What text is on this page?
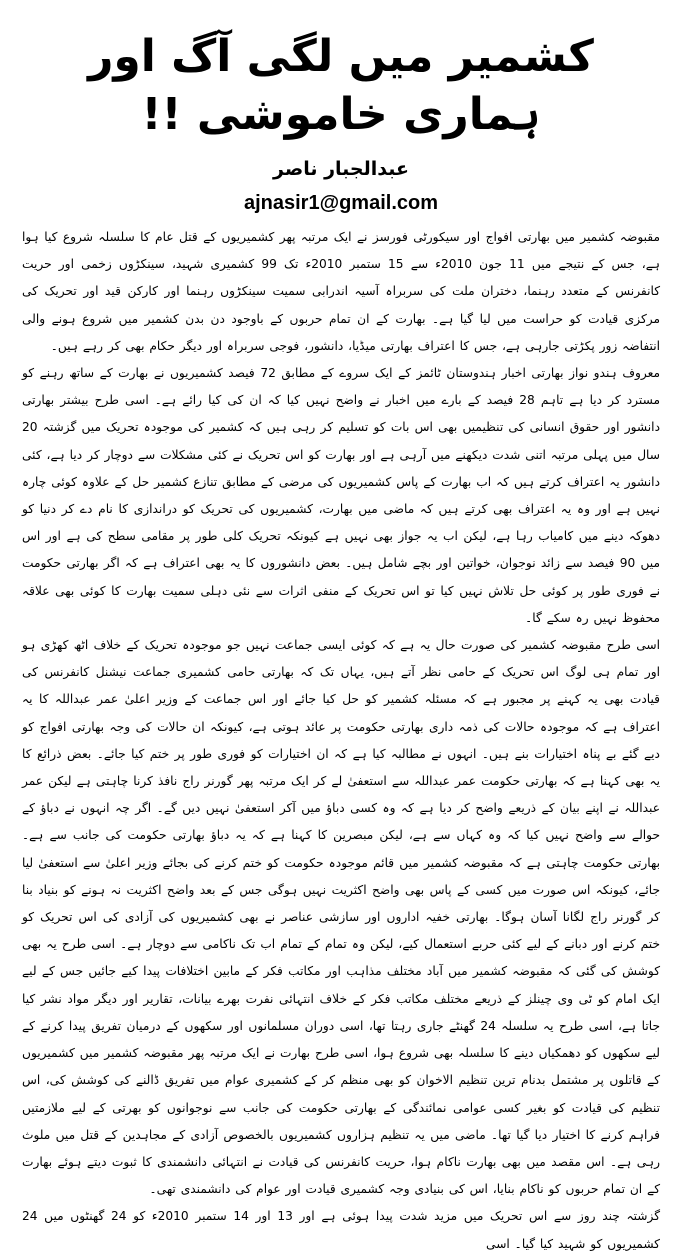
کشمیر میں لگی آگ اور ہماری خاموشی !!
عبدالجبار ناصر
ajnasir1@gmail.com

مقبوضہ کشمیر میں بھارتی افواج اور سیکورٹی فورسز نے ایک مرتبہ پھر کشمیریوں کے قتل عام کا سلسلہ شروع کیا ہوا ہے، جس کے نتیجے میں 11 جون 2010ء سے 15 ستمبر 2010ء تک 99 کشمیری شہید، سینکڑوں زخمی اور حریت کانفرنس کے متعدد رہنما، دختران ملت کی سربراہ آسیہ اندرابی سمیت سینکڑوں رہنما اور کارکن قید اور تحریک کی مرکزی قیادت کو حراست میں لیا گیا ہے۔ بھارت کے ان تمام حربوں کے باوجود دن بدن کشمیر میں شروع ہونے والی انتفاضہ زور پکڑتی جارہی ہے، جس کا اعتراف بھارتی میڈیا، دانشور، فوجی سربراہ اور دیگر حکام بھی کر رہے ہیں۔

معروف ہندو نواز بھارتی اخبار ہندوستان ٹائمز کے ایک سروے کے مطابق 72 فیصد کشمیریوں نے بھارت کے ساتھ رہنے کو مسترد کر دیا ہے تاہم 28 فیصد کے بارے میں اخبار نے واضح نہیں کیا کہ ان کی کیا رائے ہے۔ اسی طرح بیشتر بھارتی دانشور اور حقوق انسانی کی تنظیمیں بھی اس بات کو تسلیم کر رہی ہیں کہ کشمیر کی موجودہ تحریک میں گزشتہ 20 سال میں پہلی مرتبہ اتنی شدت دیکھنے میں آرہی ہے اور بھارت کو اس تحریک نے کئی مشکلات سے دوچار کر دیا ہے، کئی دانشور یہ اعتراف کرتے ہیں کہ اب بھارت کے پاس کشمیریوں کی مرضی کے مطابق تنازع کشمیر حل کے علاوہ کوئی چارہ نہیں ہے اور وہ یہ اعتراف بھی کرتے ہیں کہ ماضی میں بھارت، کشمیریوں کی تحریک کو دراندازی کا نام دے کر دنیا کو دھوکہ دینے میں کامیاب رہا ہے، لیکن اب یہ جواز بھی نہیں ہے کیونکہ تحریک کلی طور پر مقامی سطح کی ہے اور اس میں 90 فیصد سے زائد نوجوان، خواتین اور بچے شامل ہیں۔ بعض دانشوروں کا یہ بھی اعتراف ہے کہ اگر بھارتی حکومت نے فوری طور پر کوئی حل تلاش نہیں کیا تو اس تحریک کے منفی اثرات سے نئی دہلی سمیت بھارت کا کوئی بھی علاقہ محفوظ نہیں رہ سکے گا۔

اسی طرح مقبوضہ کشمیر کی صورت حال یہ ہے کہ کوئی ایسی جماعت نہیں جو موجودہ تحریک کے خلاف اٹھ کھڑی ہو اور تمام ہی لوگ اس تحریک کے حامی نظر آتے ہیں، یہاں تک کہ بھارتی حامی کشمیری جماعت نیشنل کانفرنس کی قیادت بھی یہ کہنے پر مجبور ہے کہ مسئلہ کشمیر کو حل کیا جائے اور اس جماعت کے وزیر اعلیٰ عمر عبداللہ کا یہ اعتراف ہے کہ موجودہ حالات کی ذمہ داری بھارتی حکومت پر عائد ہوتی ہے، کیونکہ ان حالات کی وجہ بھارتی افواج کو دیے گئے بے پناہ اختیارات بنے ہیں۔ انہوں نے مطالبہ کیا ہے کہ ان اختیارات کو فوری طور پر ختم کیا جائے۔ بعض ذرائع کا یہ بھی کہنا ہے کہ بھارتی حکومت عمر عبداللہ سے استعفیٰ لے کر ایک مرتبہ پھر گورنر راج نافذ کرنا چاہتی ہے لیکن عمر عبداللہ نے اپنے بیان کے ذریعے واضح کر دیا ہے کہ وہ کسی دباؤ میں آکر استعفیٰ نہیں دیں گے۔ اگر چہ انہوں نے دباؤ کے حوالے سے واضح نہیں کیا کہ وہ کہاں سے ہے، لیکن مبصرین کا کہنا ہے کہ یہ دباؤ بھارتی حکومت کی جانب سے ہے۔ بھارتی حکومت چاہتی ہے کہ مقبوضہ کشمیر میں قائم موجودہ حکومت کو ختم کرنے کی بجائے وزیر اعلیٰ سے استعفیٰ لیا جائے، کیونکہ اس صورت میں کسی کے پاس بھی واضح اکثریت نہیں ہوگی جس کے بعد واضح اکثریت نہ ہونے کو بنیاد بنا کر گورنر راج لگانا آسان ہوگا۔ بھارتی خفیہ اداروں اور سازشی عناصر نے بھی کشمیریوں کی آزادی کی اس تحریک کو ختم کرنے اور دبانے کے لیے کئی حربے استعمال کیے، لیکن وہ تمام کے تمام اب تک ناکامی سے دوچار ہے۔ اسی طرح یہ بھی کوشش کی گئی کہ مقبوضہ کشمیر میں آباد مختلف مذاہب اور مکاتب فکر کے مابین اختلافات پیدا کیے جائیں جس کے لیے ایک امام کو ٹی وی چینلز کے ذریعے مختلف مکاتب فکر کے خلاف انتہائی نفرت بھرے بیانات، تقاریر اور دیگر مواد نشر کیا جاتا ہے، اسی طرح یہ سلسلہ 24 گھنٹے جاری رہتا تھا، اسی دوران مسلمانوں اور سکھوں کے درمیان تفریق پیدا کرنے کے لیے سکھوں کو دھمکیاں دینے کا سلسلہ بھی شروع ہوا، اسی طرح بھارت نے ایک مرتبہ پھر مقبوضہ کشمیر میں کشمیریوں کے قاتلوں پر مشتمل بدنام ترین تنظیم الاخوان کو بھی منظم کر کے کشمیری عوام میں تفریق ڈالنے کی کوشش کی، اس تنظیم کی قیادت کو بغیر کسی عوامی نمائندگی کے بھارتی حکومت کی جانب سے نوجوانوں کو بھرتی کے لیے ملازمتیں فراہم کرنے کا اختیار دیا گیا تھا۔ ماضی میں یہ تنظیم ہزاروں کشمیریوں بالخصوص آزادی کے مجاہدین کے قتل میں ملوث رہی ہے۔ اس مقصد میں بھی بھارت ناکام ہوا، حریت کانفرنس کی قیادت نے انتہائی دانشمندی کا ثبوت دیتے ہوئے بھارت کے ان تمام حربوں کو ناکام بنایا، اس کی بنیادی وجہ کشمیری قیادت اور عوام کی دانشمندی تھی۔

گزشتہ چند روز سے اس تحریک میں مزید شدت پیدا ہوئی ہے اور 13 اور 14 ستمبر 2010ء کو 24 گھنٹوں میں 24 کشمیریوں کو شہید کیا گیا۔ اسی
